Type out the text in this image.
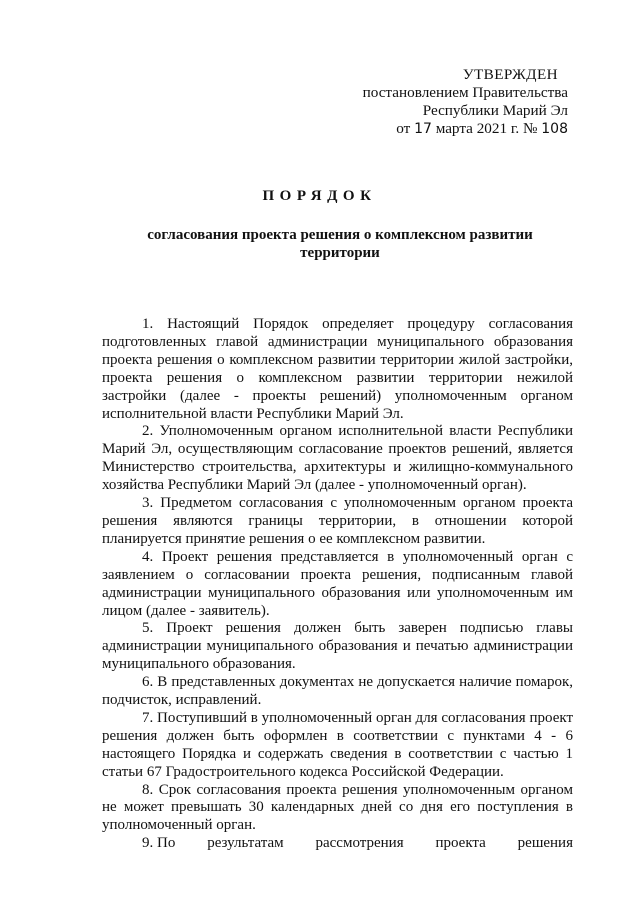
УТВЕРЖДЕН
постановлением Правительства
Республики Марий Эл
от 17 марта 2021 г. № 108
ПОРЯДОК
согласования проекта решения о комплексном развитии территории

1. Настоящий Порядок определяет процедуру согласования подготовленных главой администрации муниципального образования проекта решения о комплексном развитии территории жилой застройки, проекта решения о комплексном развитии территории нежилой застройки (далее - проекты решений) уполномоченным органом исполнительной власти Республики Марий Эл.

2. Уполномоченным органом исполнительной власти Республики Марий Эл, осуществляющим согласование проектов решений, является Министерство строительства, архитектуры и жилищно-коммунального хозяйства Республики Марий Эл (далее - уполномоченный орган).

3. Предметом согласования с уполномоченным органом проекта решения являются границы территории, в отношении которой планируется принятие решения о ее комплексном развитии.

4. Проект решения представляется в уполномоченный орган с заявлением о согласовании проекта решения, подписанным главой администрации муниципального образования или уполномоченным им лицом (далее - заявитель).

5. Проект решения должен быть заверен подписью главы администрации муниципального образования и печатью администрации муниципального образования.

6. В представленных документах не допускается наличие помарок, подчисток, исправлений.

7. Поступивший в уполномоченный орган для согласования проект решения должен быть оформлен в соответствии с пунктами 4 - 6 настоящего Порядка и содержать сведения в соответствии с частью 1 статьи 67 Градостроительного кодекса Российской Федерации.

8. Срок согласования проекта решения уполномоченным органом не может превышать 30 календарных дней со дня его поступления в уполномоченный орган.

9. По результатам рассмотрения проекта решения
